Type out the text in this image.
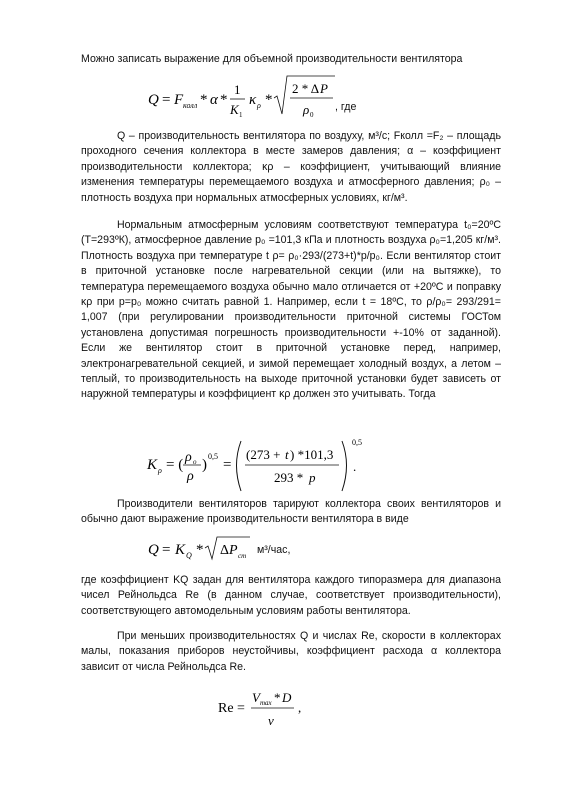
Можно записать выражение для объемной производительности вентилятора

Q = F колл * α *
1
K 1
κ ρ *
2 * Δ P
ρ 0
, где

Q – производительность вентилятора по воздуху, м³/с; Fколл =F₂ – площадь проходного сечения коллектора в месте замеров давления; α – коэффициент производительности коллектора; κρ – коэффициент, учитывающий влияние изменения температуры перемещаемого воздуха и атмосферного давления; ρ₀ – плотность воздуха при нормальных атмосферных условиях, кг/м³.

Нормальным атмосферным условиям соответствуют температура t₀=20ºC (Т=293ºК), атмосферное давление р₀ =101,3 кПа и плотность воздуха ρ₀=1,205 кг/м³. Плотность воздуха при температуре t ρ= ρ₀·293/(273+t)*р/р₀. Если вентилятор стоит в приточной установке после нагревательной секции (или на вытяжке), то температура перемещаемого воздуха обычно мало отличается от +20ºС и поправку κρ при р=р₀ можно считать равной 1. Например, если t = 18ºС, то ρ/ρ₀= 293/291= 1,007 (при регулировании производительности приточной системы ГОСТом установлена допустимая погрешность производительности +-10% от заданной). Если же вентилятор стоит в приточной установке перед, например, электронагревательной секцией, и зимой перемещает холодный воздух, а летом – теплый, то производительность на выходе приточной установки будет зависеть от наружной температуры и коэффициент κρ должен это учитывать. Тогда

K ρ = ( ρ o
ρ
)
0,5
=
(273 + t ) *101,3
293 * p
0,5
.

Производители вентиляторов тарируют коллектора своих вентиляторов и обычно дают выражение производительности вентилятора в виде

Q = K Q * Δ P cm м³/час,

где коэффициент KQ задан для вентилятора каждого типоразмера для диапазона чисел Рейнольдса Re (в данном случае, соответствует производительности), соответствующего автомодельным условиям работы вентилятора.

При меньших производительностях Q и числах Re, скорости в коллекторах малы, показания приборов неустойчивы, коэффициент расхода α коллектора зависит от числа Рейнольдса Re.

Re =
V max * D
ν
,
